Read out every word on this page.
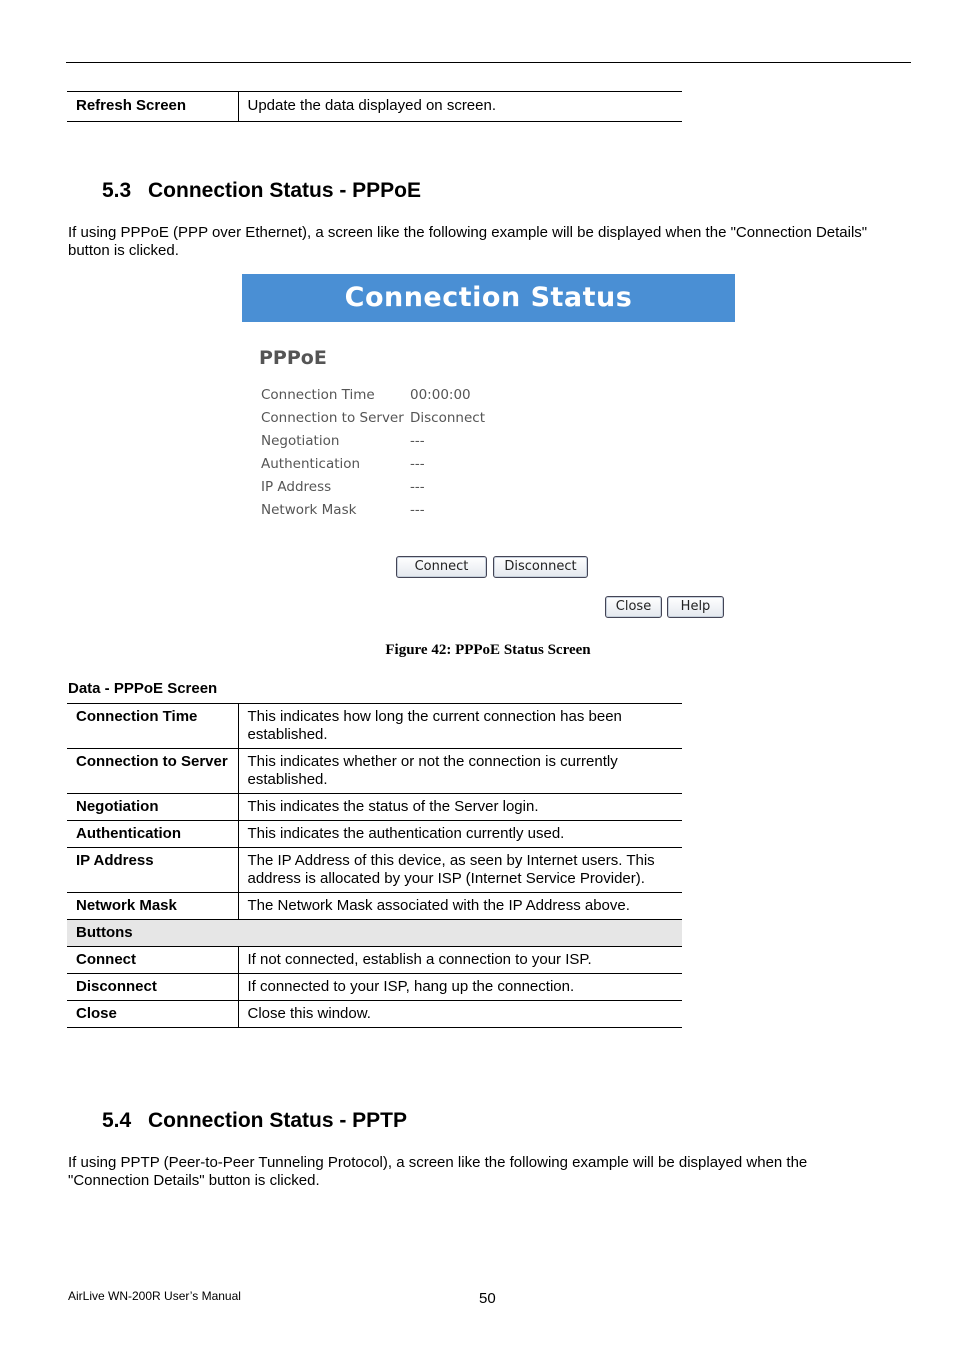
Refresh Screen	Update the data displayed on screen.
5.3 Connection Status - PPPoE

If using PPPoE (PPP over Ethernet), a screen like the following example will be displayed when the "Connection Details" button is clicked.

Connection Status
PPPoE
Connection Time	00:00:00
Connection to Server Disconnect
Negotiation	---
Authentication	---
IP Address	---
Network Mask	---
Connect	Disconnect
Close	Help
Figure 42: PPPoE Status Screen
Data - PPPoE Screen
Connection Time	This indicates how long the current connection has been established.
Connection to Server	This indicates whether or not the connection is currently established.
Negotiation	This indicates the status of the Server login.
Authentication	This indicates the authentication currently used.
IP Address	The IP Address of this device, as seen by Internet users. This address is allocated by your ISP (Internet Service Provider).
Network Mask	The Network Mask associated with the IP Address above.
Buttons	
Connect	If not connected, establish a connection to your ISP.
Disconnect	If connected to your ISP, hang up the connection.
Close	Close this window.
5.4 Connection Status - PPTP

If using PPTP (Peer-to-Peer Tunneling Protocol), a screen like the following example will be displayed when the "Connection Details" button is clicked.

AirLive WN-200R User’s Manual	50
